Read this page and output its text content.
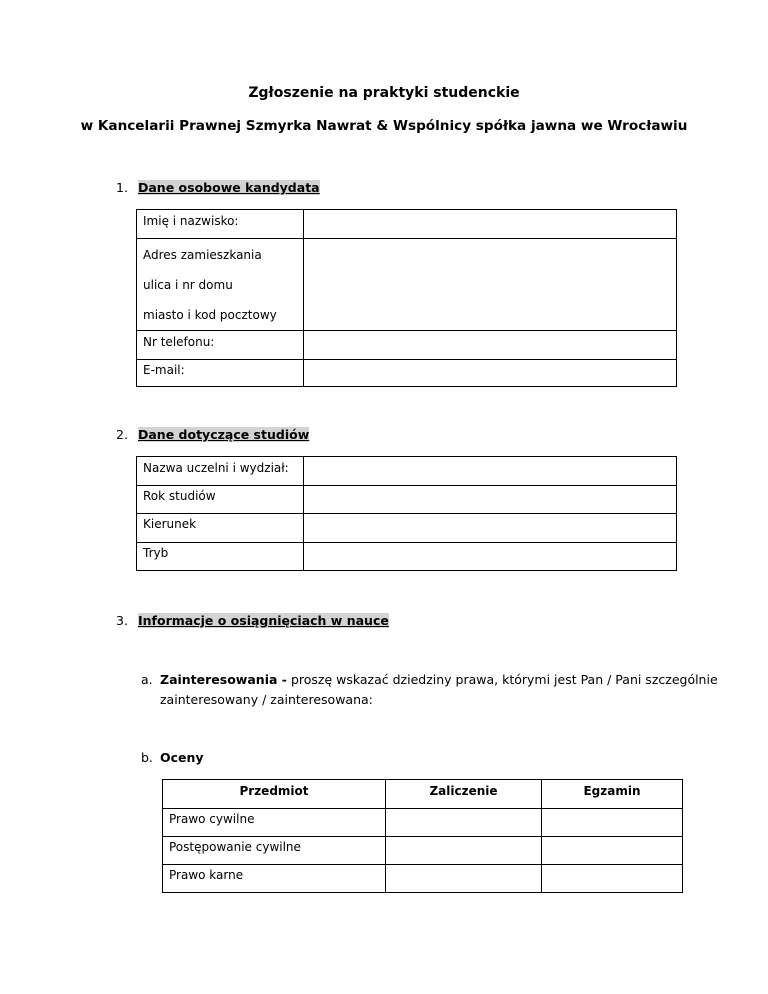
Zgłoszenie na praktyki studenckie
w Kancelarii Prawnej Szmyrka Nawrat & Wspólnicy spółka jawna we Wrocławiu
1. Dane osobowe kandydata
Imię i nazwisko:	

Adres zamieszkania
ulica i nr domu
miasto i kod pocztowy	

Nr telefonu:	
E-mail:	
2. Dane dotyczące studiów
Nazwa uczelni i wydział:	
Rok studiów	
Kierunek	
Tryb	
3. Informacje o osiągnięciach w nauce
a. Zainteresowania - proszę wskazać dziedziny prawa, którymi jest Pan / Pani szczególnie
zainteresowany / zainteresowana:
b. Oceny
Przedmiot	Zaliczenie	Egzamin
Prawo cywilne		
Postępowanie cywilne		
Prawo karne		
